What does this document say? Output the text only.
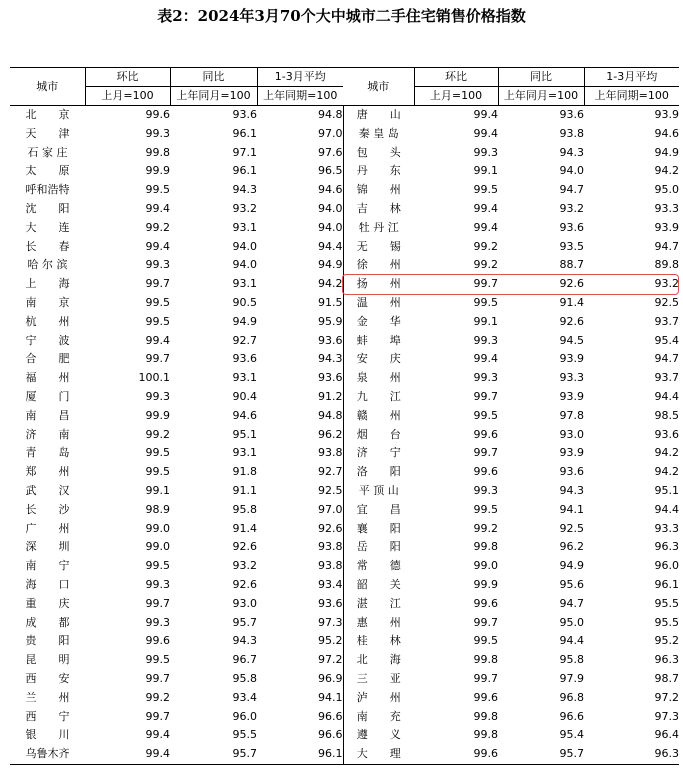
表2：2024年3月70个大中城市二手住宅销售价格指数
城市	环比	同比	1-3月平均	城市	环比	同比	1-3月平均
	上月=100	上年同月=100	上年同期=100		上月=100	上年同月=100	上年同期=100
北　　京	99.6	93.6	94.8	唐　　山	99.4	93.6	93.9
天　　津	99.3	96.1	97.0	秦 皇 岛	99.4	93.8	94.6
石 家 庄	99.8	97.1	97.6	包　　头	99.3	94.3	94.9
太　　原	99.9	96.1	96.5	丹　　东	99.1	94.0	94.2
呼和浩特	99.5	94.3	94.6	锦　　州	99.5	94.7	95.0
沈　　阳	99.4	93.2	94.0	吉　　林	99.4	93.2	93.3
大　　连	99.2	93.1	94.0	牡 丹 江	99.4	93.6	93.9
长　　春	99.4	94.0	94.4	无　　锡	99.2	93.5	94.7
哈 尔 滨	99.3	94.0	94.9	徐　　州	99.2	88.7	89.8
上　　海	99.7	93.1	94.2	扬　　州	99.7	92.6	93.2
南　　京	99.5	90.5	91.5	温　　州	99.5	91.4	92.5
杭　　州	99.5	94.9	95.9	金　　华	99.1	92.6	93.7
宁　　波	99.4	92.7	93.6	蚌　　埠	99.3	94.5	95.4
合　　肥	99.7	93.6	94.3	安　　庆	99.4	93.9	94.7
福　　州	100.1	93.1	93.6	泉　　州	99.3	93.3	93.7
厦　　门	99.3	90.4	91.2	九　　江	99.7	93.9	94.4
南　　昌	99.9	94.6	94.8	赣　　州	99.5	97.8	98.5
济　　南	99.2	95.1	96.2	烟　　台	99.6	93.0	93.6
青　　岛	99.5	93.1	93.8	济　　宁	99.7	93.9	94.2
郑　　州	99.5	91.8	92.7	洛　　阳	99.6	93.6	94.2
武　　汉	99.1	91.1	92.5	平 顶 山	99.3	94.3	95.1
长　　沙	98.9	95.8	97.0	宜　　昌	99.5	94.1	94.4
广　　州	99.0	91.4	92.6	襄　　阳	99.2	92.5	93.3
深　　圳	99.0	92.6	93.8	岳　　阳	99.8	96.2	96.3
南　　宁	99.5	93.2	93.8	常　　德	99.0	94.9	96.0
海　　口	99.3	92.6	93.4	韶　　关	99.9	95.6	96.1
重　　庆	99.7	93.0	93.6	湛　　江	99.6	94.7	95.5
成　　都	99.3	95.7	97.3	惠　　州	99.7	95.0	95.5
贵　　阳	99.6	94.3	95.2	桂　　林	99.5	94.4	95.2
昆　　明	99.5	96.7	97.2	北　　海	99.8	95.8	96.3
西　　安	99.7	95.8	96.9	三　　亚	99.7	97.9	98.7
兰　　州	99.2	93.4	94.1	泸　　州	99.6	96.8	97.2
西　　宁	99.7	96.0	96.6	南　　充	99.8	96.6	97.3
银　　川	99.4	95.5	96.6	遵　　义	99.8	95.4	96.4
乌鲁木齐	99.4	95.7	96.1	大　　理	99.6	95.7	96.3
